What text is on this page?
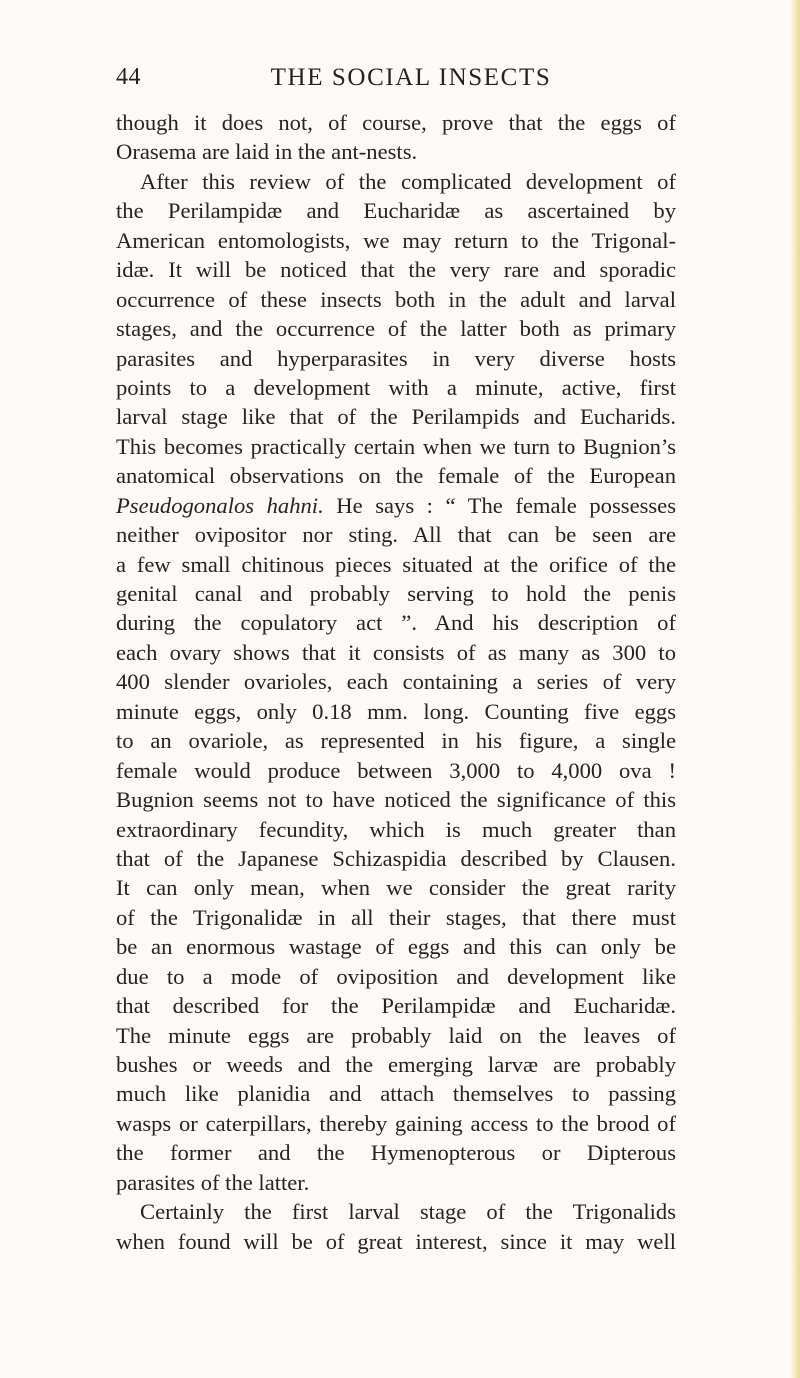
44	THE SOCIAL INSECTS
though it does not, of course, prove that the eggs of
Orasema are laid in the ant-nests.
After this review of the complicated development of
the Perilampidæ and Eucharidæ as ascertained by
American entomologists, we may return to the Trigonal-
idæ. It will be noticed that the very rare and sporadic
occurrence of these insects both in the adult and larval
stages, and the occurrence of the latter both as primary
parasites and hyperparasites in very diverse hosts
points to a development with a minute, active, first
larval stage like that of the Perilampids and Eucharids.
This becomes practically certain when we turn to Bugnion’s
anatomical observations on the female of the European
Pseudogonalos hahni. He says : “ The female possesses
neither ovipositor nor sting. All that can be seen are
a few small chitinous pieces situated at the orifice of the
genital canal and probably serving to hold the penis
during the copulatory act ”. And his description of
each ovary shows that it consists of as many as 300 to
400 slender ovarioles, each containing a series of very
minute eggs, only 0.18 mm. long. Counting five eggs
to an ovariole, as represented in his figure, a single
female would produce between 3,000 to 4,000 ova !
Bugnion seems not to have noticed the significance of this
extraordinary fecundity, which is much greater than
that of the Japanese Schizaspidia described by Clausen.
It can only mean, when we consider the great rarity
of the Trigonalidæ in all their stages, that there must
be an enormous wastage of eggs and this can only be
due to a mode of oviposition and development like
that described for the Perilampidæ and Eucharidæ.
The minute eggs are probably laid on the leaves of
bushes or weeds and the emerging larvæ are probably
much like planidia and attach themselves to passing
wasps or caterpillars, thereby gaining access to the brood of
the former and the Hymenopterous or Dipterous
parasites of the latter.
Certainly the first larval stage of the Trigonalids
when found will be of great interest, since it may well
